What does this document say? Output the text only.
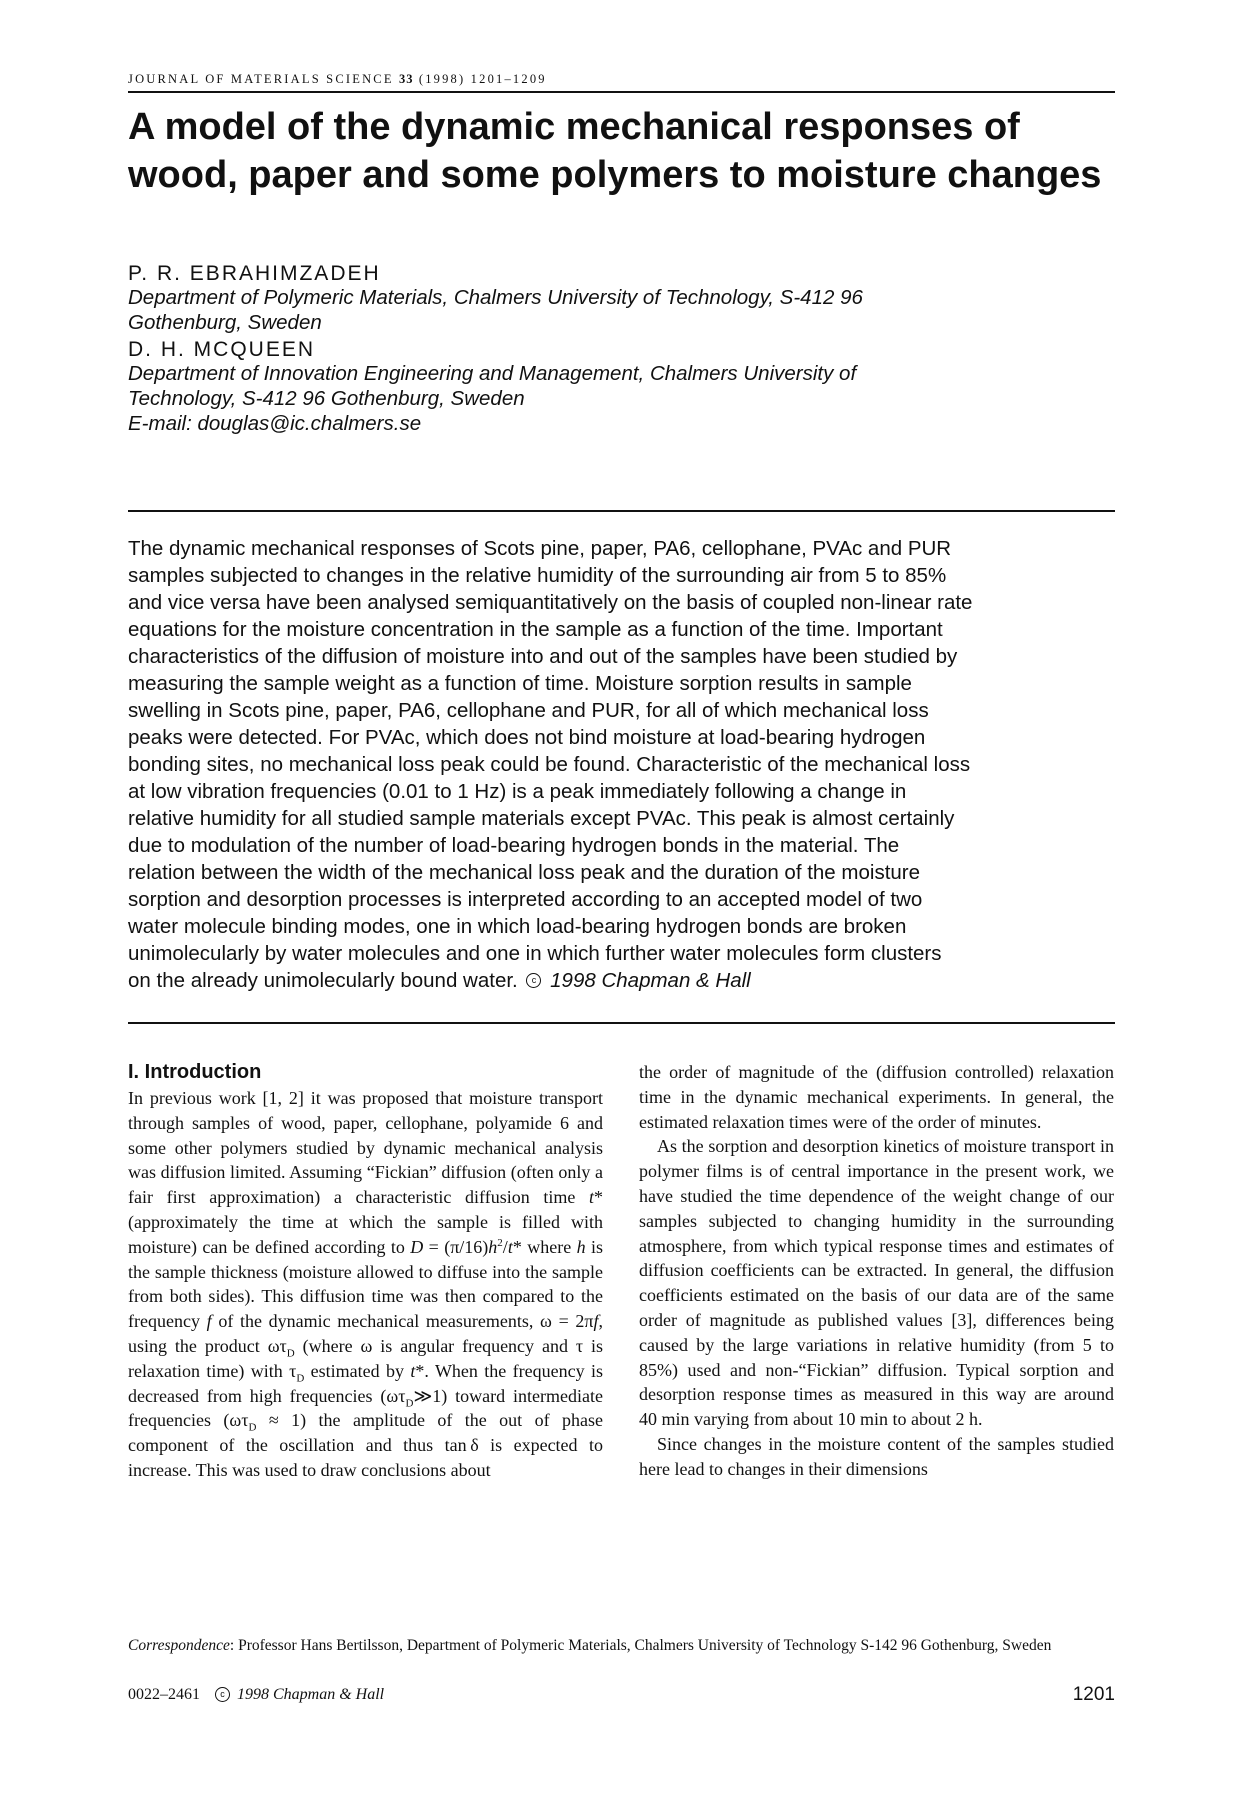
JOURNAL OF MATERIALS SCIENCE 33 (1998) 1201–1209
A model of the dynamic mechanical responses of wood, paper and some polymers to moisture changes
P. R. EBRAHIMZADEH
Department of Polymeric Materials, Chalmers University of Technology, S-412 96
Gothenburg, Sweden
D. H. MCQUEEN
Department of Innovation Engineering and Management, Chalmers University of
Technology, S-412 96 Gothenburg, Sweden
E-mail: douglas@ic.chalmers.se
The dynamic mechanical responses of Scots pine, paper, PA6, cellophane, PVAc and PUR
samples subjected to changes in the relative humidity of the surrounding air from 5 to 85%
and vice versa have been analysed semiquantitatively on the basis of coupled non-linear rate
equations for the moisture concentration in the sample as a function of the time. Important
characteristics of the diffusion of moisture into and out of the samples have been studied by
measuring the sample weight as a function of time. Moisture sorption results in sample
swelling in Scots pine, paper, PA6, cellophane and PUR, for all of which mechanical loss
peaks were detected. For PVAc, which does not bind moisture at load-bearing hydrogen
bonding sites, no mechanical loss peak could be found. Characteristic of the mechanical loss
at low vibration frequencies (0.01 to 1 Hz) is a peak immediately following a change in
relative humidity for all studied sample materials except PVAc. This peak is almost certainly
due to modulation of the number of load-bearing hydrogen bonds in the material. The
relation between the width of the mechanical loss peak and the duration of the moisture
sorption and desorption processes is interpreted according to an accepted model of two
water molecule binding modes, one in which load-bearing hydrogen bonds are broken
unimolecularly by water molecules and one in which further water molecules form clusters
on the already unimolecularly bound water. c 1998 Chapman & Hall
I. Introduction

In previous work [1, 2] it was proposed that moisture transport through samples of wood, paper, cellophane, polyamide 6 and some other polymers studied by dynamic mechanical analysis was diffusion limited. Assuming “Fickian” diffusion (often only a fair first approximation) a characteristic diffusion time t* (approximately the time at which the sample is filled with moisture) can be defined according to $D = (\pi/16)h^2/t*$ where h is the sample thickness (moisture allowed to diffuse into the sample from both sides). This diffusion time was then compared to the frequency f of the dynamic mechanical measurements, ω = 2πf, using the product $\omega\tau_D$ (where ω is angular frequency and τ is relaxation time) with $\tau_D$ estimated by t*. When the frequency is decreased from high frequencies $(\omega\tau_D≫1)$ toward intermediate frequencies $(\omega\tau_D \approx 1)$ the amplitude of the out of phase component of the oscillation and thus tan δ is expected to increase. This was used to draw conclusions about

the order of magnitude of the (diffusion controlled) relaxation time in the dynamic mechanical experiments. In general, the estimated relaxation times were of the order of minutes.

As the sorption and desorption kinetics of moisture transport in polymer films is of central importance in the present work, we have studied the time dependence of the weight change of our samples subjected to changing humidity in the surrounding atmosphere, from which typical response times and estimates of diffusion coefficients can be extracted. In general, the diffusion coefficients estimated on the basis of our data are of the same order of magnitude as published values [3], differences being caused by the large variations in relative humidity (from 5 to 85%) used and non-“Fickian” diffusion. Typical sorption and desorption response times as measured in this way are around 40 min varying from about 10 min to about 2 h.

Since changes in the moisture content of the samples studied here lead to changes in their dimensions

Correspondence: Professor Hans Bertilsson, Department of Polymeric Materials, Chalmers University of Technology S-142 96 Gothenburg, Sweden
0022–2461 c 1998 Chapman & Hall	1201
